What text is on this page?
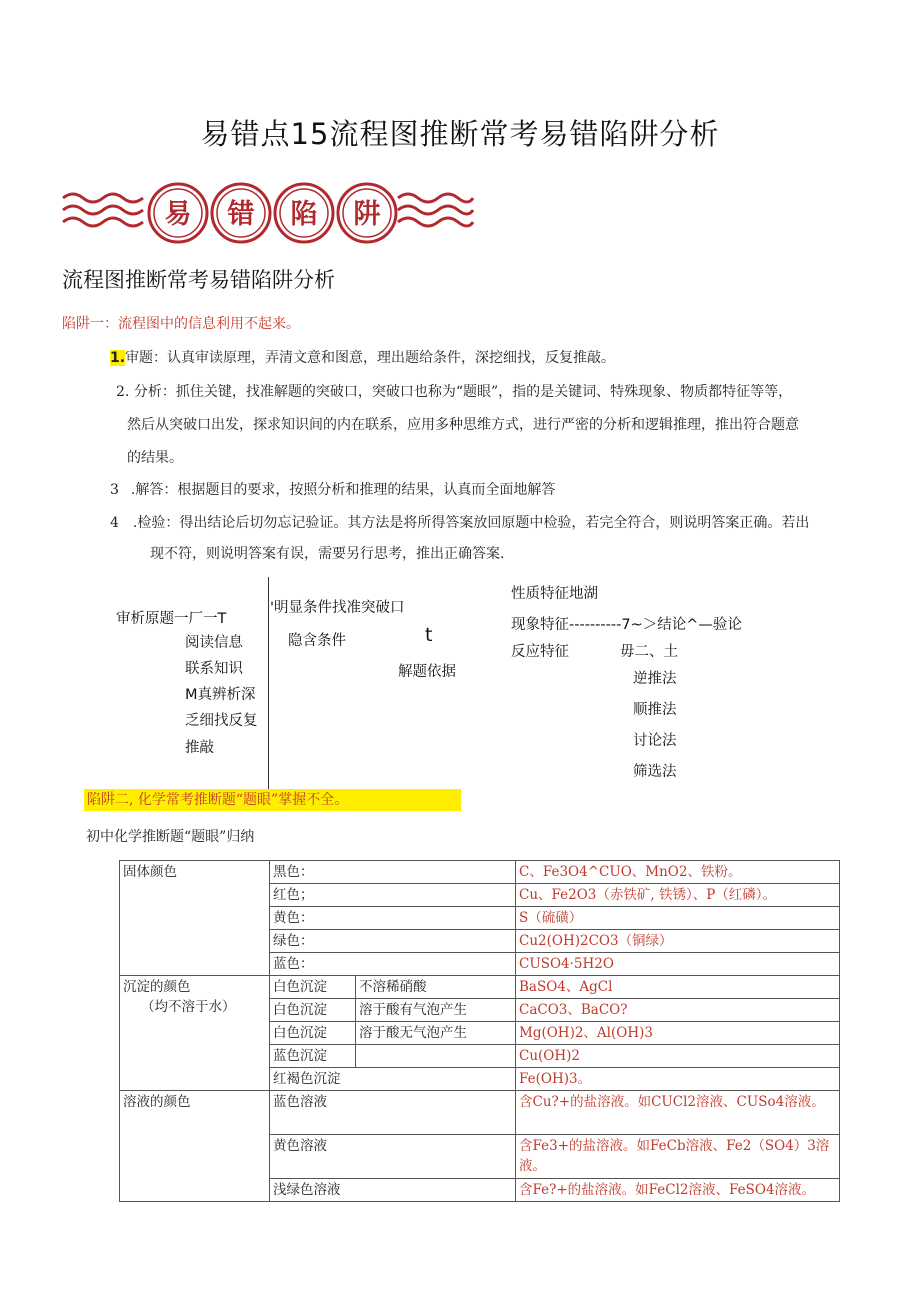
易错点15流程图推断常考易错陷阱分析
易 错 陷 阱
流程图推断常考易错陷阱分析
陷阱一：流程图中的信息利用不起来。
1.审题：认真审读原理，弄清文意和图意，理出题给条件，深挖细找，反复推敲。
2. 分析：抓住关键，找准解题的突破口，突破口也称为“题眼”，指的是关键词、特殊现象、物质都特征等等，
然后从突破口出发，探求知识间的内在联系，应用多种思维方式，进行严密的分析和逻辑推理，推出符合题意
的结果。
3 .解答：根据题目的要求，按照分析和推理的结果，认真而全面地解答
4 .检验：得出结论后切勿忘记验证。其方法是将所得答案放回原题中检验，若完全符合，则说明答案正确。若出
现不符，则说明答案有误，需要另行思考，推出正确答案.
审析原题一厂一T
阅读信息
联系知识
M真辨析深
乏细找反复
推敲
'明显条件找准突破口
隐含条件	t
解题依据
性质特征地湖
现象特征----------7~＞结论^—验论
反应特征	毋二、土
逆推法
顺推法
讨论法
筛选法
陷阱二, 化学常考推断题“题眼”掌握不全。
初中化学推断题“题眼”归纳
固体颜色	黑色：		C、Fe3O4^CUO、MnO2、铁粉。
	红色；		Cu、Fe2O3（赤铁矿, 铁锈）、P（红磷）。
	黄色：		S（硫磺）
	绿色：		Cu2(OH)2CO3（铜绿）
	蓝色：		CUSO4·5H2O

沉淀的颜色
（均不溶于水）	白色沉淀	不溶稀硝酸	BaSO4、AgCl
	白色沉淀	溶于酸有气泡产生	CaCO3、BaCO?
	白色沉淀	溶于酸无气泡产生	Mg(OH)2、Al(OH)3
	蓝色沉淀		Cu(OH)2
	红褐色沉淀		Fe(OH)3。
溶液的颜色	蓝色溶液		含Cu?+的盐溶液。如CUCl2溶液、CUSo4溶液。
	黄色溶液		含Fe3+的盐溶液。如FeCb溶液、Fe2（SO4）3溶液。
	浅绿色溶液		含Fe?+的盐溶液。如FeCl2溶液、FeSO4溶液。
